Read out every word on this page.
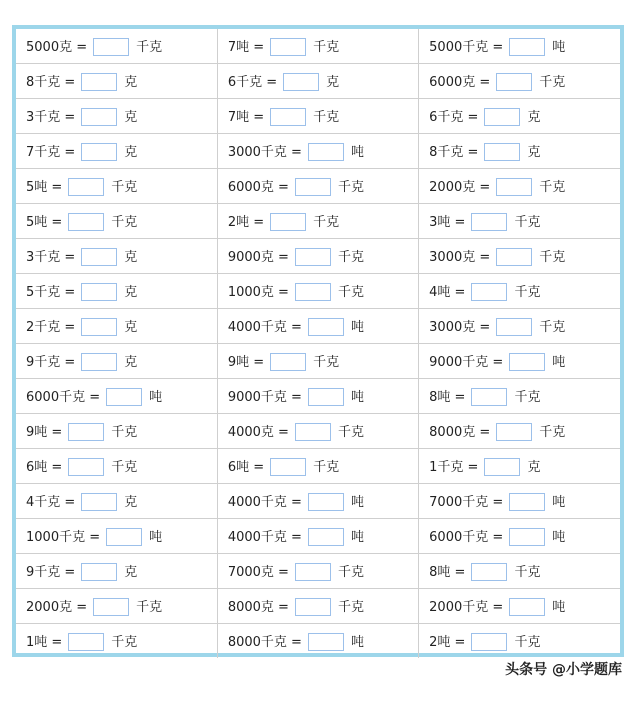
5000克 = 千克	7吨 = 千克	5000千克 = 吨
8千克 = 克	6千克 = 克	6000克 = 千克
3千克 = 克	7吨 = 千克	6千克 = 克
7千克 = 克	3000千克 = 吨	8千克 = 克
5吨 = 千克	6000克 = 千克	2000克 = 千克
5吨 = 千克	2吨 = 千克	3吨 = 千克
3千克 = 克	9000克 = 千克	3000克 = 千克
5千克 = 克	1000克 = 千克	4吨 = 千克
2千克 = 克	4000千克 = 吨	3000克 = 千克
9千克 = 克	9吨 = 千克	9000千克 = 吨
6000千克 = 吨	9000千克 = 吨	8吨 = 千克
9吨 = 千克	4000克 = 千克	8000克 = 千克
6吨 = 千克	6吨 = 千克	1千克 = 克
4千克 = 克	4000千克 = 吨	7000千克 = 吨
1000千克 = 吨	4000千克 = 吨	6000千克 = 吨
9千克 = 克	7000克 = 千克	8吨 = 千克
2000克 = 千克	8000克 = 千克	2000千克 = 吨
1吨 = 千克	8000千克 = 吨	2吨 = 千克
头条号 @小学题库
